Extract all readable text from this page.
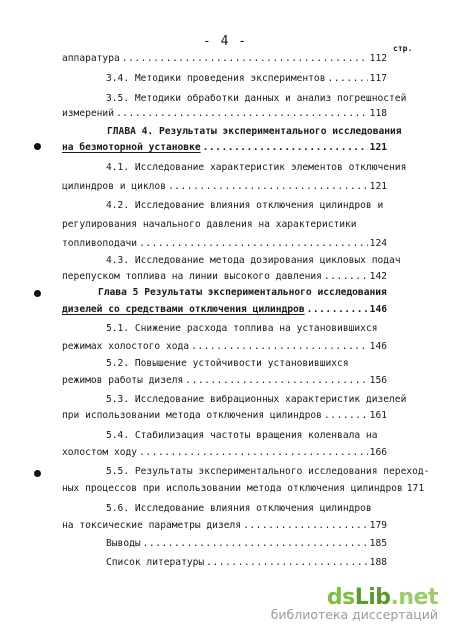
- 4 -	стр.
аппаратура .....	112
3.4. Методики проведения экспериментов .....	117
3.5. Методики обработки данных и анализ погрешностей
измерений .....	118
ГЛАВА 4. Результаты экспериментального исследования
на безмоторной установке .....	121
4.1. Исследование характеристик элементов отключения
цилиндров и циклов .....	121
4.2. Исследование влияния отключения цилиндров и
регулирования начального давления на характеристики
топливоподачи .....	124
4.3. Исследование метода дозирования цикловых подач
перепуском топлива на линии высокого давления .....	142
Глава 5 Результаты экспериментального исследования
дизелей со средствами отключения цилиндров .....	146
5.1. Снижение расхода топлива на установившихся
режимах холостого хода .....	146
5.2. Повышение устойчивости установившихся
режимов работы дизеля .....	156
5.3. Исследование вибрационных характеристик дизелей
при использовании метода отключения цилиндров .....	161
5.4. Стабилизация частоты вращения коленвала на
холостом ходу .....	166
5.5. Результаты экспериментального исследования переход-
ных процессов при использовании метода отключения цилиндров 171
5.6. Исследование влияния отключения цилиндров
на токсические параметры дизеля .....	179
Выводы .....	185
Список литературы .....	188
dsLib.net
библиотека диссертаций
